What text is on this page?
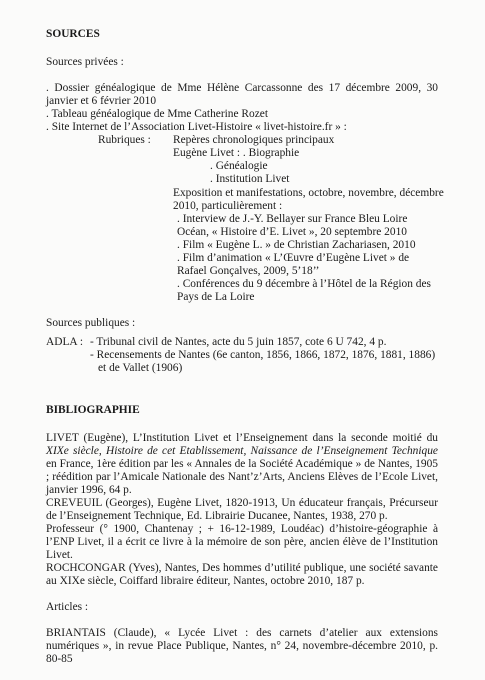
SOURCES
Sources privées :
. Dossier généalogique de Mme Hélène Carcassonne des 17 décembre 2009, 30
janvier et 6 février 2010
. Tableau généalogique de Mme Catherine Rozet
. Site Internet de l’Association Livet-Histoire « livet-histoire.fr » :
Rubriques : Repères chronologiques principaux
Eugène Livet : . Biographie
. Généalogie
. Institution Livet
Exposition et manifestations, octobre, novembre, décembre
2010, particulièrement :
. Interview de J.-Y. Bellayer sur France Bleu Loire
Océan, « Histoire d’E. Livet », 20 septembre 2010
. Film « Eugène L. » de Christian Zachariasen, 2010
. Film d’animation « L’Œuvre d’Eugène Livet » de
Rafael Gonçalves, 2009, 5’18’’
. Conférences du 9 décembre à l’Hôtel de la Région des
Pays de La Loire
Sources publiques :
ADLA : - Tribunal civil de Nantes, acte du 5 juin 1857, cote 6 U 742, 4 p.
- Recensements de Nantes (6e canton, 1856, 1866, 1872, 1876, 1881, 1886)
et de Vallet (1906)
BIBLIOGRAPHIE
LIVET (Eugène), L’Institution Livet et l’Enseignement dans la seconde moitié du
XIXe siècle, Histoire de cet Etablissement, Naissance de l’Enseignement Technique
en France, 1ère édition par les « Annales de la Société Académique » de Nantes, 1905
; réédition par l’Amicale Nationale des Nant’z’Arts, Anciens Elèves de l’Ecole Livet,
janvier 1996, 64 p.
CREVEUIL (Georges), Eugène Livet, 1820-1913, Un éducateur français, Précurseur
de l’Enseignement Technique, Ed. Librairie Ducanee, Nantes, 1938, 270 p.
Professeur (° 1900, Chantenay ; + 16-12-1989, Loudéac) d’histoire-géographie à
l’ENP Livet, il a écrit ce livre à la mémoire de son père, ancien élève de l’Institution
Livet.
ROCHCONGAR (Yves), Nantes, Des hommes d’utilité publique, une société savante
au XIXe siècle, Coiffard libraire éditeur, Nantes, octobre 2010, 187 p.
Articles :
BRIANTAIS (Claude), « Lycée Livet : des carnets d’atelier aux extensions
numériques », in revue Place Publique, Nantes, n° 24, novembre-décembre 2010, p.
80-85
